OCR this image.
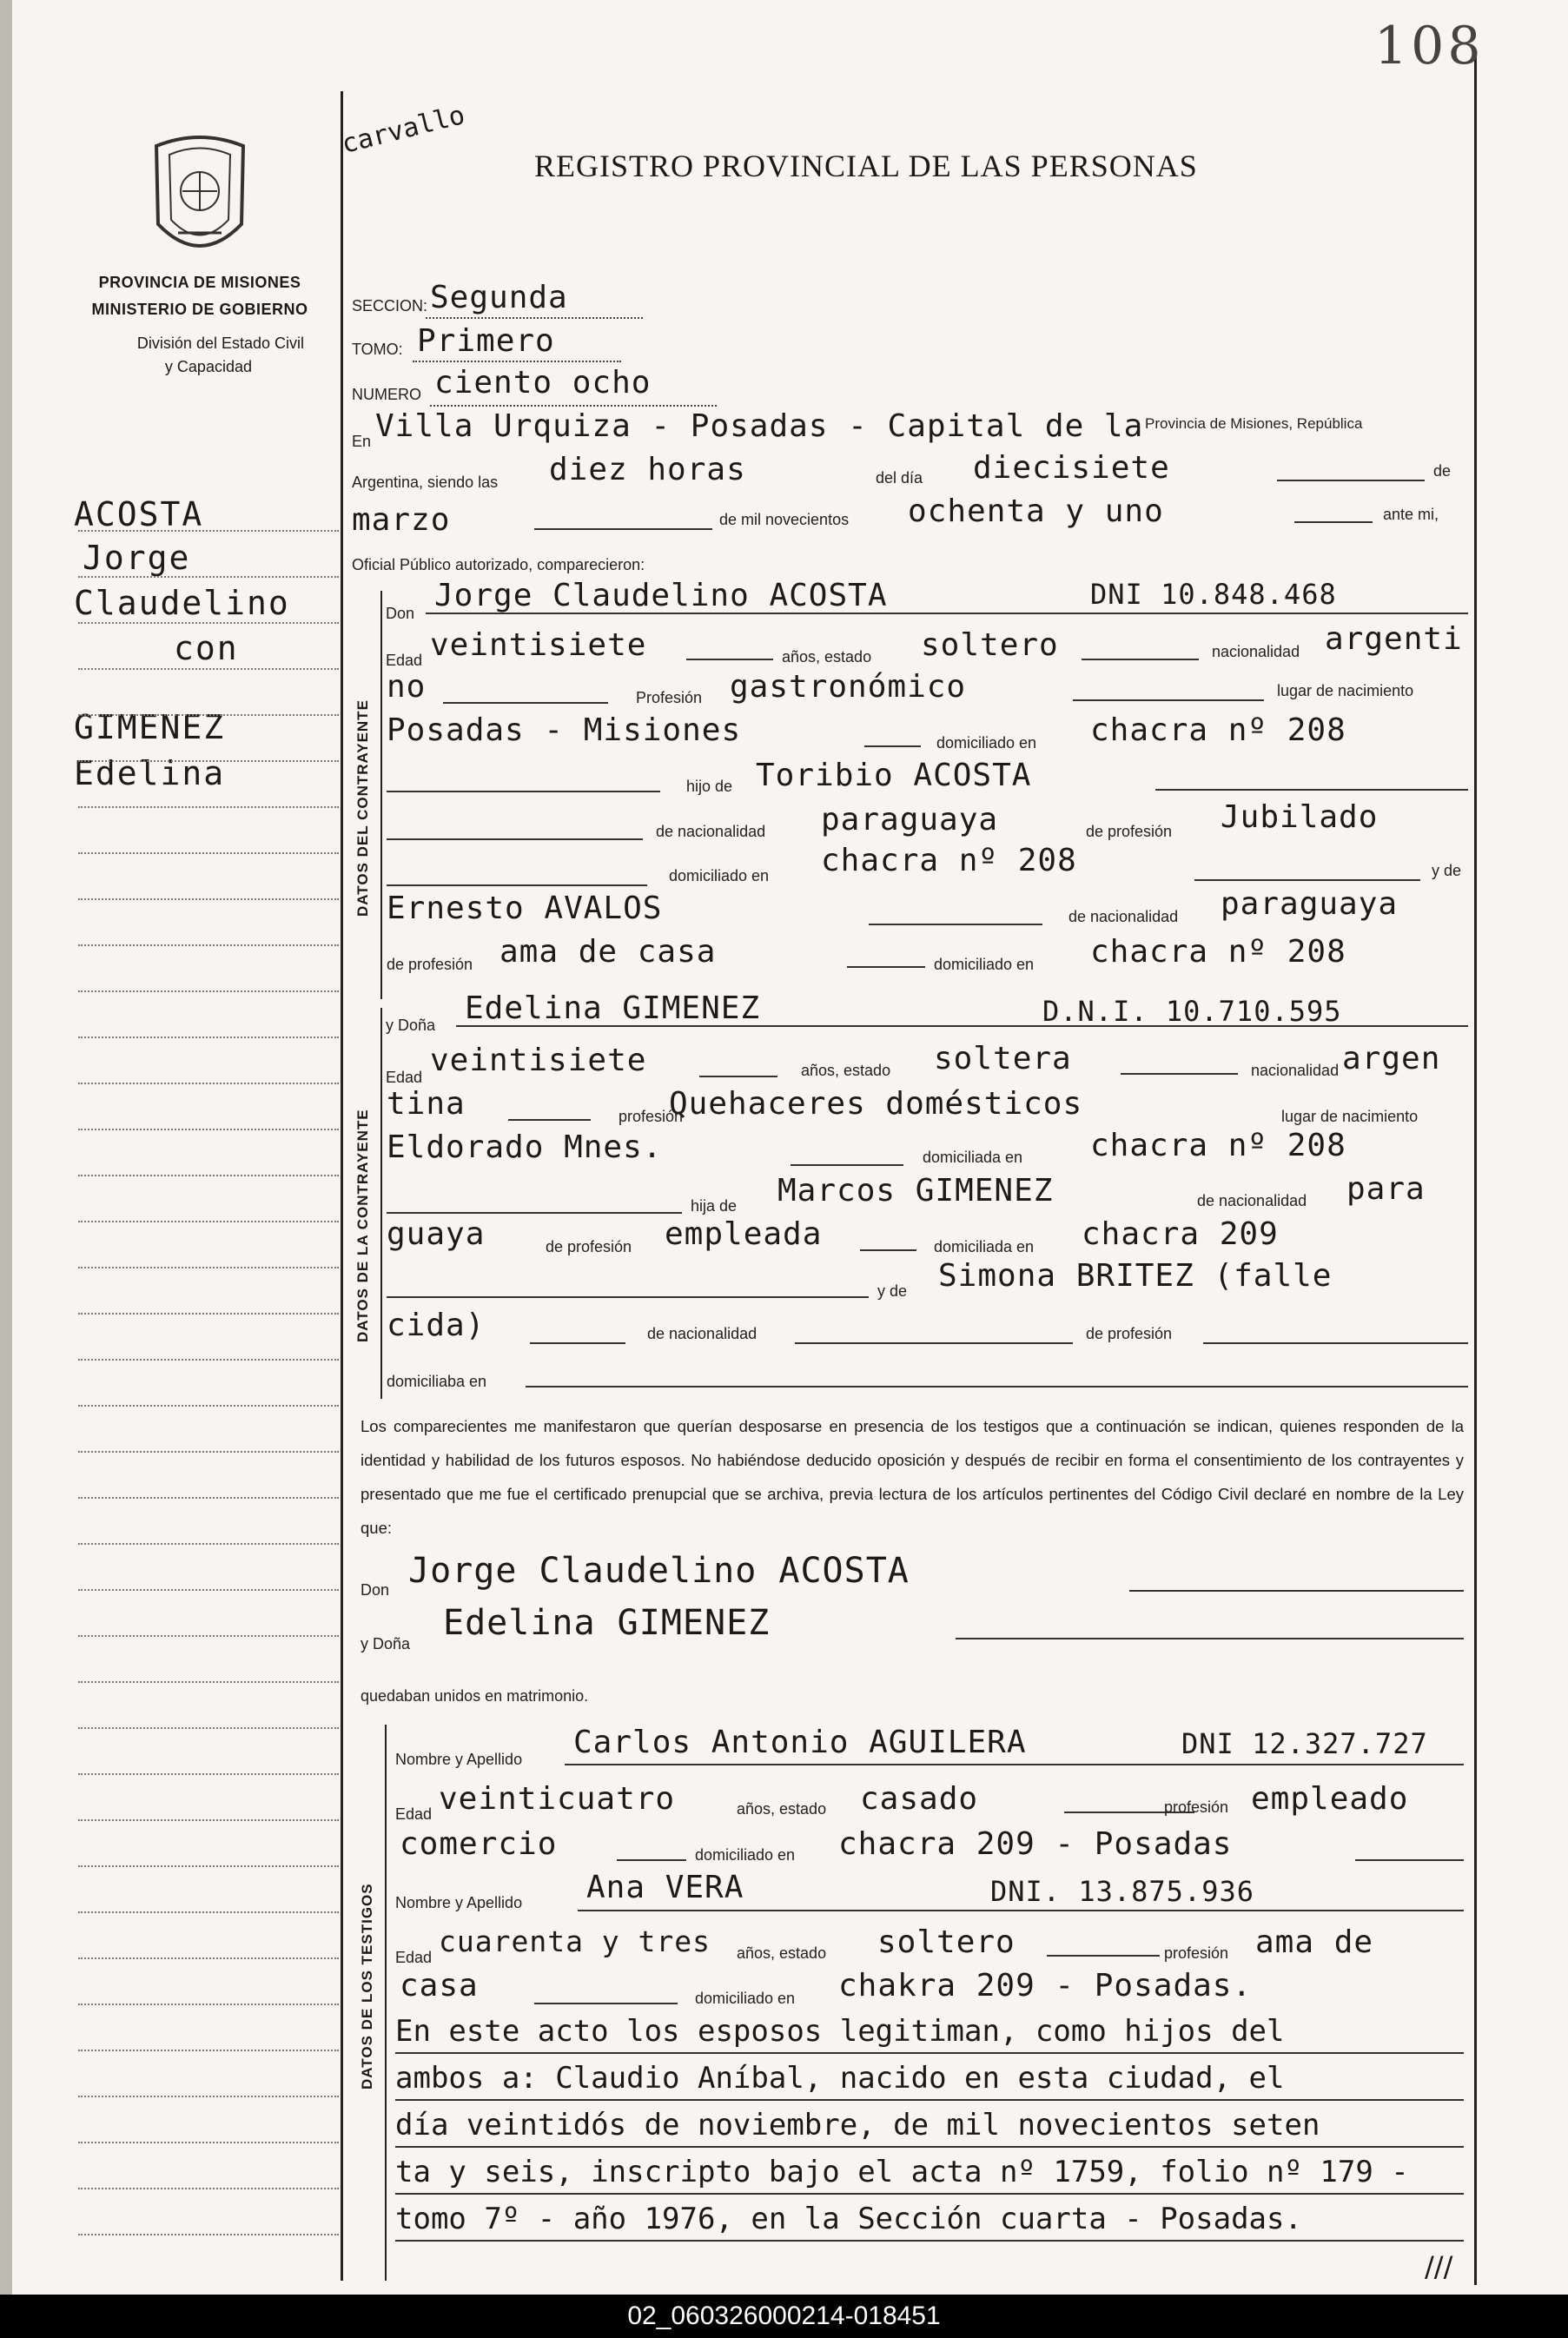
108
carvallo
REGISTRO PROVINCIAL DE LAS PERSONAS
PROVINCIA DE MISIONES
MINISTERIO DE GOBIERNO
División del Estado Civil
y Capacidad
ACOSTA
Jorge
Claudelino
con
GIMENEZ
Edelina
SECCION: Segunda
TOMO: Primero
NUMERO ciento ocho
En Villa Urquiza - Posadas - Capital de la Provincia de Misiones, República
Argentina, siendo las diez horas	del día diecisiete	de
marzo	de mil novecientos ochenta y uno	ante mi,
Oficial Público autorizado, comparecieron:
DATOS DEL CONTRAYENTE
Don Jorge Claudelino ACOSTA	DNI 10.848.468
Edad veintisiete	años, estado soltero	nacionalidad argenti
no	Profesión gastronómico	lugar de nacimiento
Posadas - Misiones	domiciliado en chacra nº 208
hijo de Toribio ACOSTA
de nacionalidad paraguaya	de profesión Jubilado
domiciliado en chacra nº 208	y de
Ernesto AVALOS	de nacionalidad paraguaya
de profesión ama de casa	domiciliado en chacra nº 208
DATOS DE LA CONTRAYENTE
y Doña Edelina GIMENEZ	D.N.I. 10.710.595
Edad veintisiete	años, estado soltera	nacionalidad argen
tina	profesión
Quehaceres domésticos	lugar de nacimiento
Eldorado Mnes.	domiciliada en chacra nº 208
hija de Marcos GIMENEZ	de nacionalidad para
guaya	de profesión empleada	domiciliada en chacra 209
y de Simona BRITEZ (falle
cida)	de nacionalidad	de profesión
domiciliaba en
Los comparecientes me manifestaron que querían desposarse en presencia de los testigos que a continuación se indican, quienes responden de la identidad y habilidad de los futuros esposos. No habiéndose deducido oposición y después de recibir en forma el consentimiento de los contrayentes y presentado que me fue el certificado prenupcial que se archiva, previa lectura de los artículos pertinentes del Código Civil declaré en nombre de la Ley que:
Don Jorge Claudelino ACOSTA
y Doña
Edelina GIMENEZ
quedaban unidos en matrimonio.
DATOS DE LOS TESTIGOS
Nombre y Apellido Carlos Antonio AGUILERA	DNI 12.327.727
Edad veinticuatro	años, estado casado	profesión empleado
comercio	domiciliado en chacra 209 - Posadas
Nombre y Apellido Ana VERA	DNI. 13.875.936
Edad cuarenta y tres años, estado soltero	profesión ama de
casa	domiciliado en chakra 209 - Posadas.
En este acto los esposos legitiman, como hijos del
ambos a: Claudio Aníbal, nacido en esta ciudad, el
día veintidós de noviembre, de mil novecientos seten
ta y seis, inscripto bajo el acta nº 1759, folio nº 179 -
tomo 7º - año 1976, en la Sección cuarta - Posadas.
///
02_060326000214-018451
